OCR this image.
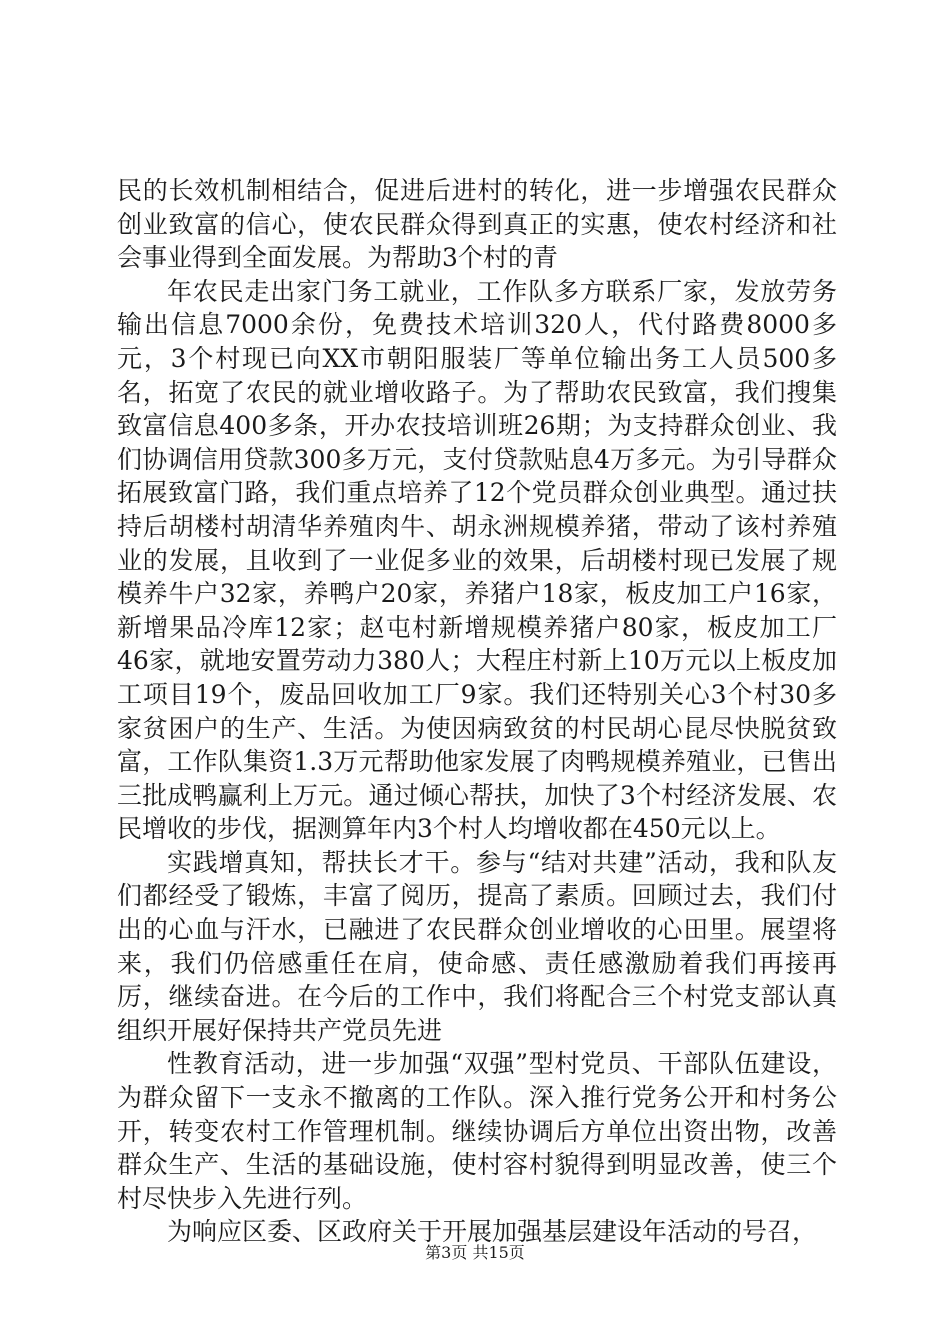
民的长效机制相结合，促进后进村的转化，进一步增强农民群众创业致富的信心，使农民群众得到真正的实惠，使农村经济和社会事业得到全面发展。为帮助3个村的青

年农民走出家门务工就业，工作队多方联系厂家，发放劳务输出信息7000余份，免费技术培训320人，代付路费8000多元，3个村现已向XX市朝阳服装厂等单位输出务工人员500多名，拓宽了农民的就业增收路子。为了帮助农民致富，我们搜集致富信息400多条，开办农技培训班26期；为支持群众创业、我们协调信用贷款300多万元，支付贷款贴息4万多元。为引导群众拓展致富门路，我们重点培养了12个党员群众创业典型。通过扶持后胡楼村胡清华养殖肉牛、胡永洲规模养猪，带动了该村养殖业的发展，且收到了一业促多业的效果，后胡楼村现已发展了规模养牛户32家，养鸭户20家，养猪户18家，板皮加工户16家，新增果品冷库12家；赵屯村新增规模养猪户80家，板皮加工厂46家，就地安置劳动力380人；大程庄村新上10万元以上板皮加工项目19个，废品回收加工厂9家。我们还特别关心3个村30多家贫困户的生产、生活。为使因病致贫的村民胡心昆尽快脱贫致富，工作队集资1.3万元帮助他家发展了肉鸭规模养殖业，已售出三批成鸭赢利上万元。通过倾心帮扶，加快了3个村经济发展、农民增收的步伐，据测算年内3个村人均增收都在450元以上。

实践增真知，帮扶长才干。参与“结对共建”活动，我和队友们都经受了锻炼，丰富了阅历，提高了素质。回顾过去，我们付出的心血与汗水，已融进了农民群众创业增收的心田里。展望将来，我们仍倍感重任在肩，使命感、责任感激励着我们再接再厉，继续奋进。在今后的工作中，我们将配合三个村党支部认真组织开展好保持共产党员先进

性教育活动，进一步加强“双强”型村党员、干部队伍建设，为群众留下一支永不撤离的工作队。深入推行党务公开和村务公开，转变农村工作管理机制。继续协调后方单位出资出物，改善群众生产、生活的基础设施，使村容村貌得到明显改善，使三个村尽快步入先进行列。

为响应区委、区政府关于开展加强基层建设年活动的号召，

第3页 共15页
